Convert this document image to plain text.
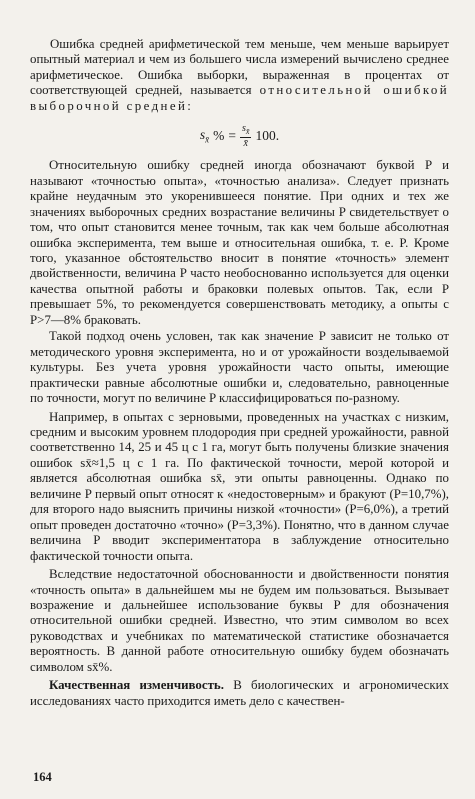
Ошибка средней арифметической тем меньше, чем меньше варьирует опытный материал и чем из большего числа измерений вычислено среднее арифметическое. Ошибка выборки, выраженная в процентах от соответствующей средней, называется относительной ошибкой выборочной средней:

$s_{x̄}$ % = $\frac{s_{x̄}}{x̄} 100$.

Относительную ошибку средней иногда обозначают буквой P и называют «точностью опыта», «точностью анализа». Следует признать крайне неудачным это укоренившееся понятие. При одних и тех же значениях выборочных средних возрастание величины P свидетельствует о том, что опыт становится менее точным, так как чем больше абсолютная ошибка эксперимента, тем выше и относительная ошибка, т. е. P. Кроме того, указанное обстоятельство вносит в понятие «точность» элемент двойственности, величина P часто необоснованно используется для оценки качества опытной работы и браковки полевых опытов. Так, если P превышает 5%, то рекомендуется совершенствовать методику, а опыты с P>7—8% браковать.

Такой подход очень условен, так как значение P зависит не только от методического уровня эксперимента, но и от урожайности возделываемой культуры. Без учета уровня урожайности часто опыты, имеющие практически равные абсолютные ошибки и, следовательно, равноценные по точности, могут по величине P классифицироваться по-разному.

Например, в опытах с зерновыми, проведенных на участках с низким, средним и высоким уровнем плодородия при средней урожайности, равной соответственно 14, 25 и 45 ц с 1 га, могут быть получены близкие значения ошибок sx̄≈1,5 ц с 1 га. По фактической точности, мерой которой и является абсолютная ошибка sx̄, эти опыты равноценны. Однако по величине P первый опыт относят к «недостоверным» и бракуют (P=10,7%), для второго надо выяснить причины низкой «точности» (P=6,0%), а третий опыт проведен достаточно «точно» (P=3,3%). Понятно, что в данном случае величина P вводит экспериментатора в заблуждение относительно фактической точности опыта.

Вследствие недостаточной обоснованности и двойственности понятия «точность опыта» в дальнейшем мы не будем им пользоваться. Вызывает возражение и дальнейшее использование буквы P для обозначения относительной ошибки средней. Известно, что этим символом во всех руководствах и учебниках по математической статистике обозначается вероятность. В данной работе относительную ошибку будем обозначать символом sx̄%.

Качественная изменчивость. В биологических и агрономических исследованиях часто приходится иметь дело с качествен-

164
